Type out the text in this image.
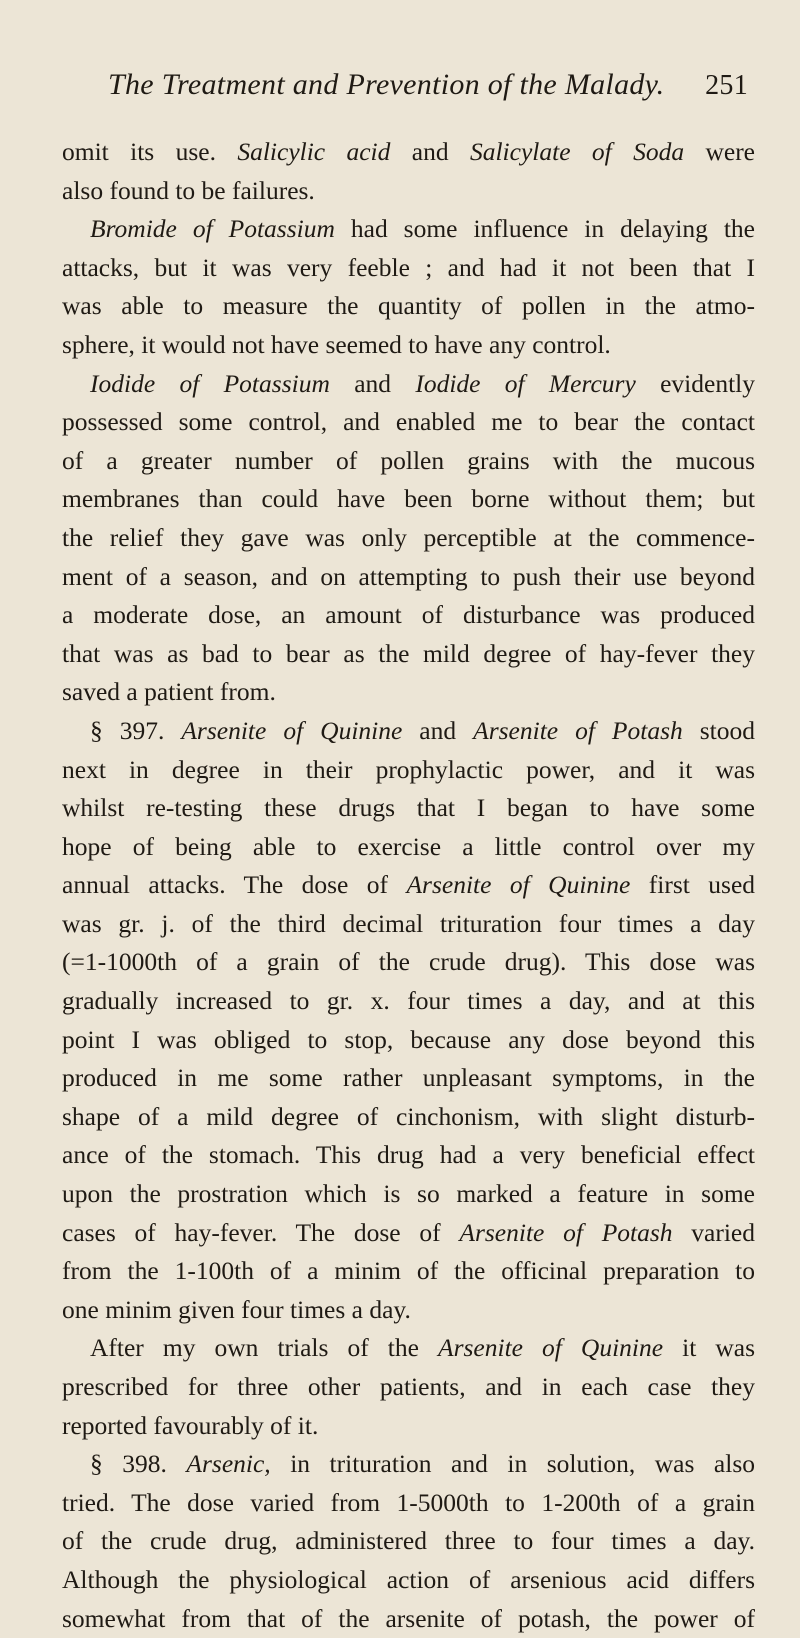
The Treatment and Prevention of the Malady. 251
omit its use. Salicylic acid and Salicylate of Soda were
also found to be failures.
Bromide of Potassium had some influence in delaying the
attacks, but it was very feeble ; and had it not been that I
was able to measure the quantity of pollen in the atmo-
sphere, it would not have seemed to have any control.
Iodide of Potassium and Iodide of Mercury evidently
possessed some control, and enabled me to bear the contact
of a greater number of pollen grains with the mucous
membranes than could have been borne without them; but
the relief they gave was only perceptible at the commence-
ment of a season, and on attempting to push their use beyond
a moderate dose, an amount of disturbance was produced
that was as bad to bear as the mild degree of hay-fever they
saved a patient from.
§ 397. Arsenite of Quinine and Arsenite of Potash stood
next in degree in their prophylactic power, and it was
whilst re-testing these drugs that I began to have some
hope of being able to exercise a little control over my
annual attacks. The dose of Arsenite of Quinine first used
was gr. j. of the third decimal trituration four times a day
(=1-1000th of a grain of the crude drug). This dose was
gradually increased to gr. x. four times a day, and at this
point I was obliged to stop, because any dose beyond this
produced in me some rather unpleasant symptoms, in the
shape of a mild degree of cinchonism, with slight disturb-
ance of the stomach. This drug had a very beneficial effect
upon the prostration which is so marked a feature in some
cases of hay-fever. The dose of Arsenite of Potash varied
from the 1-100th of a minim of the officinal preparation to
one minim given four times a day.
After my own trials of the Arsenite of Quinine it was
prescribed for three other patients, and in each case they
reported favourably of it.
§ 398. Arsenic, in trituration and in solution, was also
tried. The dose varied from 1-5000th to 1-200th of a grain
of the crude drug, administered three to four times a day.
Although the physiological action of arsenious acid differs
somewhat from that of the arsenite of potash, the power of
